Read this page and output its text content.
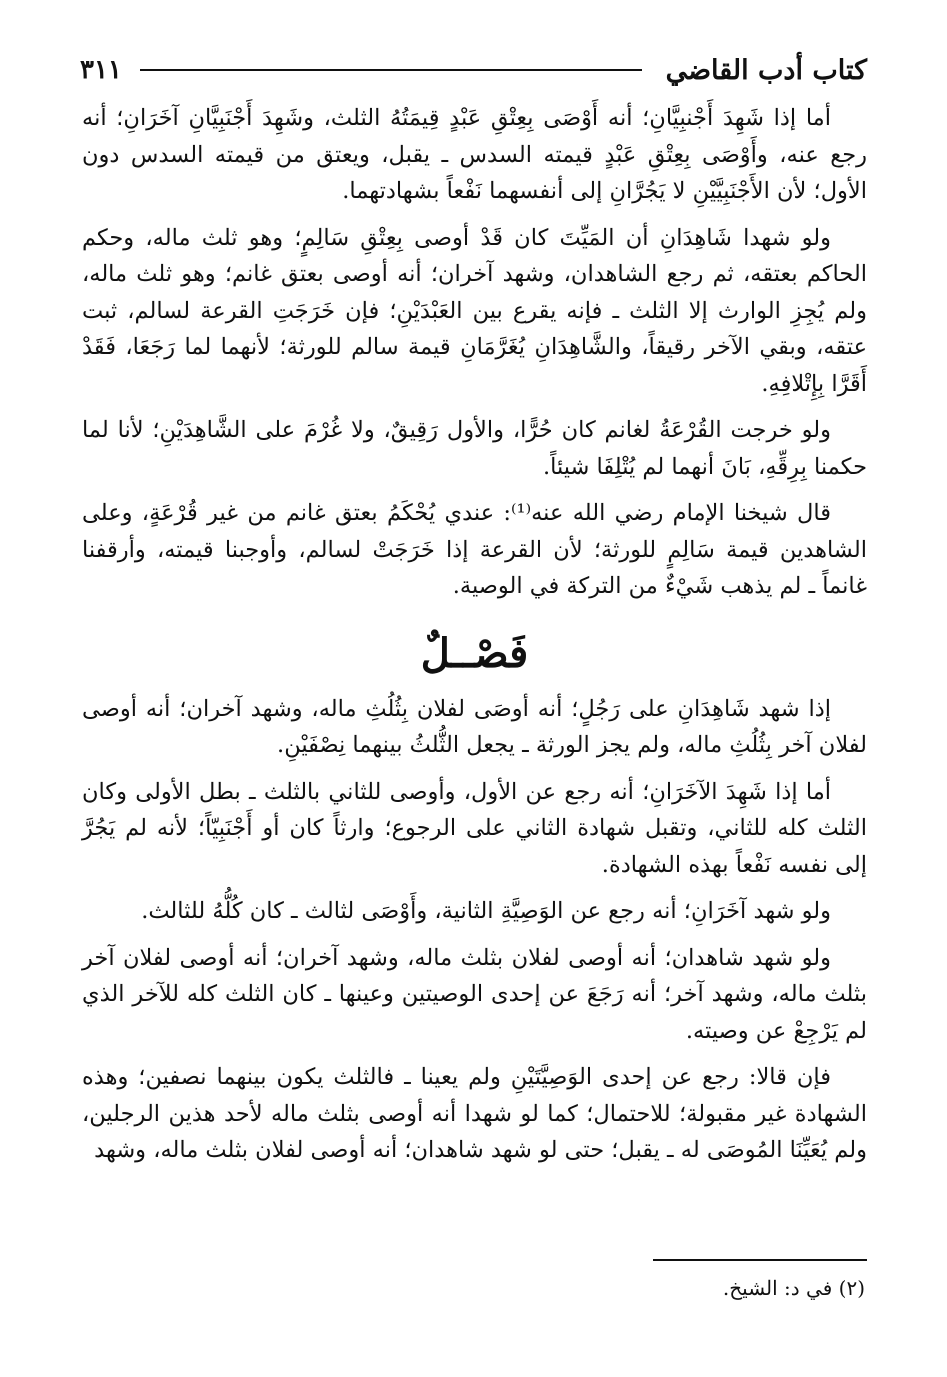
كتاب أدب القاضي
٣١١

أما إذا شَهِدَ أَجْنبِيَّانِ؛ أنه أَوْصَى بِعِتْقِ عَبْدٍ قِيمَتُهُ الثلث، وشَهِدَ أَجْنَبِيَّانِ آخَرَانِ؛ أنه رجع عنه، وأَوْصَى بِعِتْقِ عَبْدٍ قيمته السدس ـ يقبل، ويعتق من قيمته السدس دون الأول؛ لأن الأَجْنَبِيَّيْنِ لا يَجُرَّانِ إلى أنفسهما نَفْعاً بشهادتهما.

ولو شهدا شَاهِدَانِ أن المَيِّتَ كان قَدْ أوصى بِعِتْقِ سَالِمٍ؛ وهو ثلث ماله، وحكم الحاكم بعتقه، ثم رجع الشاهدان، وشهد آخران؛ أنه أوصى بعتق غانم؛ وهو ثلث ماله، ولم يُجِزِ الوارث إلا الثلث ـ فإنه يقرع بين العَبْدَيْنِ؛ فإن خَرَجَتِ القرعة لسالم، ثبت عتقه، وبقي الآخر رقيقاً، والشَّاهِدَانِ يُغَرَّمَانِ قيمة سالم للورثة؛ لأنهما لما رَجَعَا، فَقَدْ أَقَرَّا بِإِتْلافِهِ.

ولو خرجت القُرْعَةُ لغانم كان حُرًّا، والأول رَقِيقٌ، ولا غُرْمَ على الشَّاهِدَيْنِ؛ لأنا لما حكمنا بِرِقِّهِ، بَانَ أنهما لم يُتْلِفَا شيئاً.

قال شيخنا الإمام رضي الله عنه⁽¹⁾: عندي يُحْكَمُ بعتق غانم من غير قُرْعَةٍ، وعلى الشاهدين قيمة سَالِمٍ للورثة؛ لأن القرعة إذا خَرَجَتْ لسالم، وأوجبنا قيمته، وأرقفنا غانماً ـ لم يذهب شَيْءٌ من التركة في الوصية.

فَصْــلٌ

إذا شهد شَاهِدَانِ على رَجُلٍ؛ أنه أوصَى لفلان بِثُلُثِ ماله، وشهد آخران؛ أنه أوصى لفلان آخر بِثُلُثِ ماله، ولم يجز الورثة ـ يجعل الثُّلثُ بينهما نِصْفَيْنِ.

أما إذا شَهِدَ الآخَرَانِ؛ أنه رجع عن الأول، وأوصى للثاني بالثلث ـ بطل الأولى وكان الثلث كله للثاني، وتقبل شهادة الثاني على الرجوع؛ وارثاً كان أو أَجْنَبِيّاً؛ لأنه لم يَجُرَّ إلى نفسه نَفْعاً بهذه الشهادة.

ولو شهد آخَرَانِ؛ أنه رجع عن الوَصِيَّةِ الثانية، وأَوْصَى لثالث ـ كان كُلُّهُ للثالث.

ولو شهد شاهدان؛ أنه أوصى لفلان بثلث ماله، وشهد آخران؛ أنه أوصى لفلان آخر بثلث ماله، وشهد آخر؛ أنه رَجَعَ عن إحدى الوصيتين وعينها ـ كان الثلث كله للآخر الذي لم يَرْجِعْ عن وصيته.

فإن قالا: رجع عن إحدى الوَصِيَّتَيْنِ ولم يعينا ـ فالثلث يكون بينهما نصفين؛ وهذه الشهادة غير مقبولة؛ للاحتمال؛ كما لو شهدا أنه أوصى بثلث ماله لأحد هذين الرجلين، ولم يُعَيِّنَا المُوصَى له ـ يقبل؛ حتى لو شهد شاهدان؛ أنه أوصى لفلان بثلث ماله، وشهد

(٢) في د: الشيخ.
